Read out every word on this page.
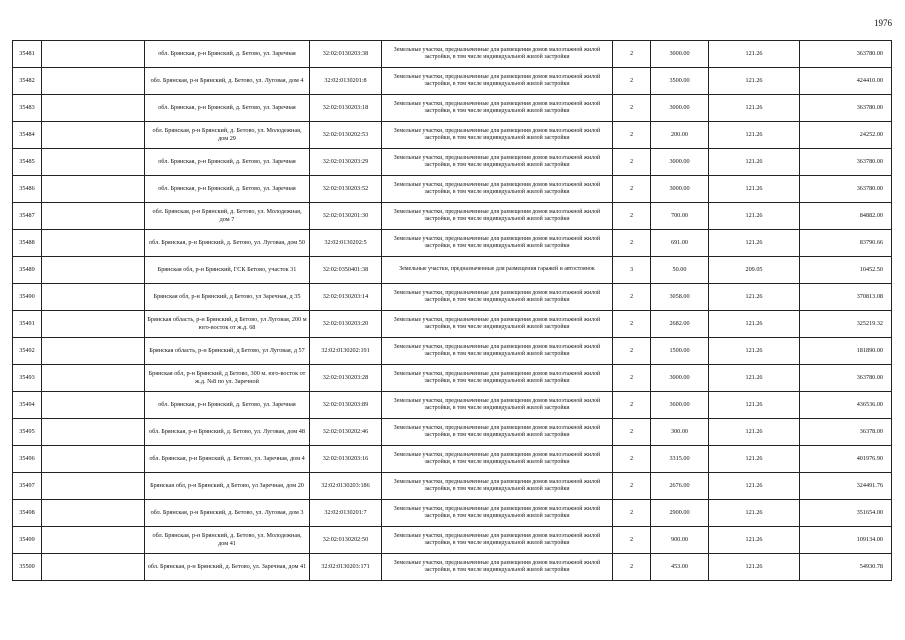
1976
35481		обл. Брянская, р-н Брянский, д. Бетово, ул. Заречная	32:02:0130203:38	Земельные участки, предназначенные для размещения домов малоэтажной жилой застройки, в том числе индивидуальной жилой застройки	2	3000.00	121.26	363780.00
35482		обл. Брянская, р-н Брянский, д. Бетово, ул. Луговая, дом 4	32:02:0130201:8	Земельные участки, предназначенные для размещения домов малоэтажной жилой застройки, в том числе индивидуальной жилой застройки	2	3500.00	121.26	424410.00
35483		обл. Брянская, р-н Брянский, д. Бетово, ул. Заречная	32:02:0130203:18	Земельные участки, предназначенные для размещения домов малоэтажной жилой застройки, в том числе индивидуальной жилой застройки	2	3000.00	121.26	363780.00
35484		обл. Брянская, р-н Брянский, д. Бетово, ул. Молодежная, дом 29	32:02:0130202:53	Земельные участки, предназначенные для размещения домов малоэтажной жилой застройки, в том числе индивидуальной жилой застройки	2	200.00	121.26	24252.00
35485		обл. Брянская, р-н Брянский, д. Бетово, ул. Заречная	32:02:0130203:29	Земельные участки, предназначенные для размещения домов малоэтажной жилой застройки, в том числе индивидуальной жилой застройки	2	3000.00	121.26	363780.00
35486		обл. Брянская, р-н Брянский, д. Бетово, ул. Заречная	32:02:0130203:52	Земельные участки, предназначенные для размещения домов малоэтажной жилой застройки, в том числе индивидуальной жилой застройки	2	3000.00	121.26	363780.00
35487		обл. Брянская, р-н Брянский, д. Бетово, ул. Молодежная, дом 7	32:02:0130201:30	Земельные участки, предназначенные для размещения домов малоэтажной жилой застройки, в том числе индивидуальной жилой застройки	2	700.00	121.26	84882.00
35488		обл. Брянская, р-н Брянский, д. Бетово, ул. Луговая, дом 50	32:02:0130202:5	Земельные участки, предназначенные для размещения домов малоэтажной жилой застройки, в том числе индивидуальной жилой застройки	2	691.00	121.26	83790.66
35489		Брянская обл, р-н Брянский, ГСК Бетово, участок 31	32:02:0350401:38	Земельные участки, предназначенные для размещения гаражей и автостоянок	3	50.00	209.05	10452.50
35490		Брянская обл, р-н Брянский, д Бетово, ул Заречная, д 35	32:02:0130203:14	Земельные участки, предназначенные для размещения домов малоэтажной жилой застройки, в том числе индивидуальной жилой застройки	2	3058.00	121.26	370813.08
35491		Брянская область, р-н Брянский, д Бетово, ул Луговая, 200 м юго-восток от ж.д. 68	32:02:0130203:20	Земельные участки, предназначенные для размещения домов малоэтажной жилой застройки, в том числе индивидуальной жилой застройки	2	2682.00	121.26	325219.32
35492		Брянская область, р-н Брянский, д Бетово, ул Луговая, д 57	32:02:0130202:191	Земельные участки, предназначенные для размещения домов малоэтажной жилой застройки, в том числе индивидуальной жилой застройки	2	1500.00	121.26	181890.00
35493		Брянская обл, р-н Брянский, д Бетово, 300 м. юго-восток от ж.д. №8 по ул. Заречной	32:02:0130203:28	Земельные участки, предназначенные для размещения домов малоэтажной жилой застройки, в том числе индивидуальной жилой застройки	2	3000.00	121.26	363780.00
35494		обл. Брянская, р-н Брянский, д. Бетово, ул. Заречная	32:02:0130203:89	Земельные участки, предназначенные для размещения домов малоэтажной жилой застройки, в том числе индивидуальной жилой застройки	2	3600.00	121.26	436536.00
35495		обл. Брянская, р-н Брянский, д. Бетово, ул. Луговая, дом 48	32:02:0130202:46	Земельные участки, предназначенные для размещения домов малоэтажной жилой застройки, в том числе индивидуальной жилой застройки	2	300.00	121.26	36378.00
35496		обл. Брянская, р-н Брянский, д. Бетово, ул. Заречная, дом 4	32:02:0130203:16	Земельные участки, предназначенные для размещения домов малоэтажной жилой застройки, в том числе индивидуальной жилой застройки	2	3315.00	121.26	401976.90
35497		Брянская обл, р-н Брянский, д Бетово, ул Заречная, дом 20	32:02:0130203:186	Земельные участки, предназначенные для размещения домов малоэтажной жилой застройки, в том числе индивидуальной жилой застройки	2	2676.00	121.26	324491.76
35498		обл. Брянская, р-н Брянский, д. Бетово, ул. Луговая, дом 3	32:02:0130201:7	Земельные участки, предназначенные для размещения домов малоэтажной жилой застройки, в том числе индивидуальной жилой застройки	2	2900.00	121.26	351654.00
35499		обл. Брянская, р-н Брянский, д. Бетово, ул. Молодежная, дом 41	32:02:0130202:50	Земельные участки, предназначенные для размещения домов малоэтажной жилой застройки, в том числе индивидуальной жилой застройки	2	900.00	121.26	109134.00
35500		обл. Брянская, р-н Брянский, д. Бетово, ул. Заречная, дом 41	32:02:0130203:171	Земельные участки, предназначенные для размещения домов малоэтажной жилой застройки, в том числе индивидуальной жилой застройки	2	453.00	121.26	54930.78
